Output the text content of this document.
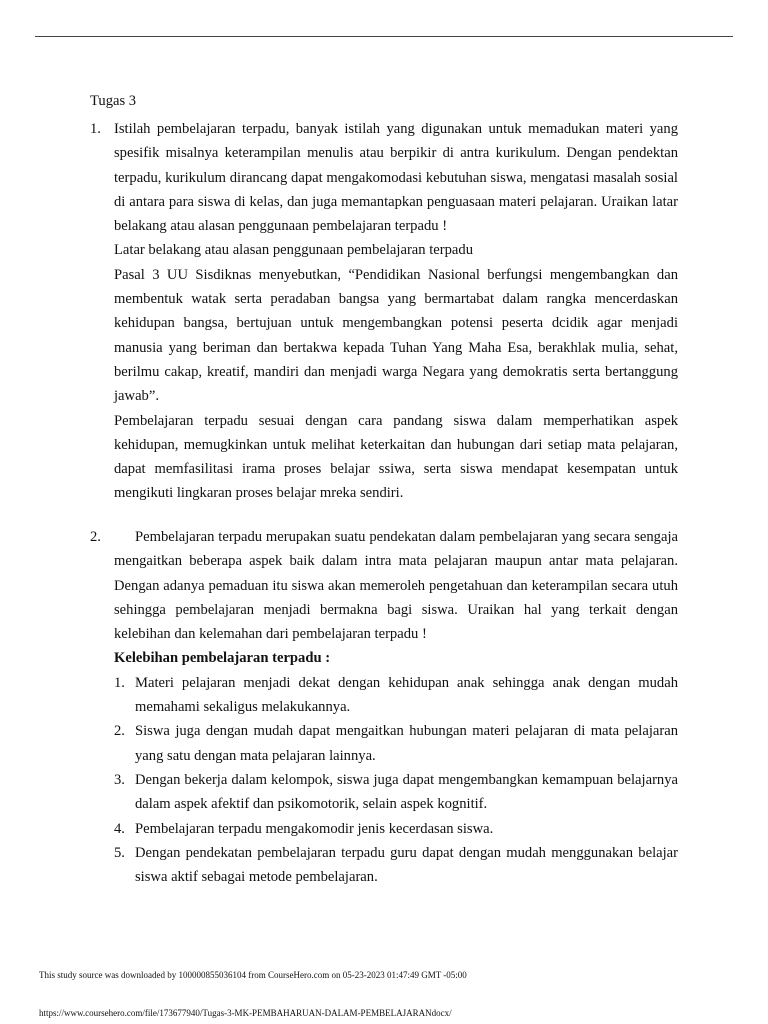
Tugas 3
1. Istilah pembelajaran terpadu, banyak istilah yang digunakan untuk memadukan materi yang spesifik misalnya keterampilan menulis atau berpikir di antra kurikulum. Dengan pendektan terpadu, kurikulum dirancang dapat mengakomodasi kebutuhan siswa, mengatasi masalah sosial di antara para siswa di kelas, dan juga memantapkan penguasaan materi pelajaran. Uraikan latar belakang atau alasan penggunaan pembelajaran terpadu !

Latar belakang atau alasan penggunaan pembelajaran terpadu

Pasal 3 UU Sisdiknas menyebutkan, “Pendidikan Nasional berfungsi mengembangkan dan membentuk watak serta peradaban bangsa yang bermartabat dalam rangka mencerdaskan kehidupan bangsa, bertujuan untuk mengembangkan potensi peserta dcidik agar menjadi manusia yang beriman dan bertakwa kepada Tuhan Yang Maha Esa, berakhlak mulia, sehat, berilmu cakap, kreatif, mandiri dan menjadi warga Negara yang demokratis serta bertanggung jawab”.

Pembelajaran terpadu sesuai dengan cara pandang siswa dalam memperhatikan aspek kehidupan, memugkinkan untuk melihat keterkaitan dan hubungan dari setiap mata pelajaran, dapat memfasilitasi irama proses belajar ssiwa, serta siswa mendapat kesempatan untuk mengikuti lingkaran proses belajar mreka sendiri.

2.	Pembelajaran terpadu merupakan suatu pendekatan dalam pembelajaran yang secara sengaja mengaitkan beberapa aspek baik dalam intra mata pelajaran maupun antar mata pelajaran. Dengan adanya pemaduan itu siswa akan memeroleh pengetahuan dan keterampilan secara utuh sehingga pembelajaran menjadi bermakna bagi siswa. Uraikan hal yang terkait dengan kelebihan dan kelemahan dari pembelajaran terpadu !

Kelebihan pembelajaran terpadu :

1. Materi pelajaran menjadi dekat dengan kehidupan anak sehingga anak dengan mudah memahami sekaligus melakukannya.

2. Siswa juga dengan mudah dapat mengaitkan hubungan materi pelajaran di mata pelajaran yang satu dengan mata pelajaran lainnya.

3. Dengan bekerja dalam kelompok, siswa juga dapat mengembangkan kemampuan belajarnya dalam aspek afektif dan psikomotorik, selain aspek kognitif.

4. Pembelajaran terpadu mengakomodir jenis kecerdasan siswa.

5. Dengan pendekatan pembelajaran terpadu guru dapat dengan mudah menggunakan belajar siswa aktif sebagai metode pembelajaran.

This study source was downloaded by 100000855036104 from CourseHero.com on 05-23-2023 01:47:49 GMT -05:00
https://www.coursehero.com/file/173677940/Tugas-3-MK-PEMBAHARUAN-DALAM-PEMBELAJARANdocx/
